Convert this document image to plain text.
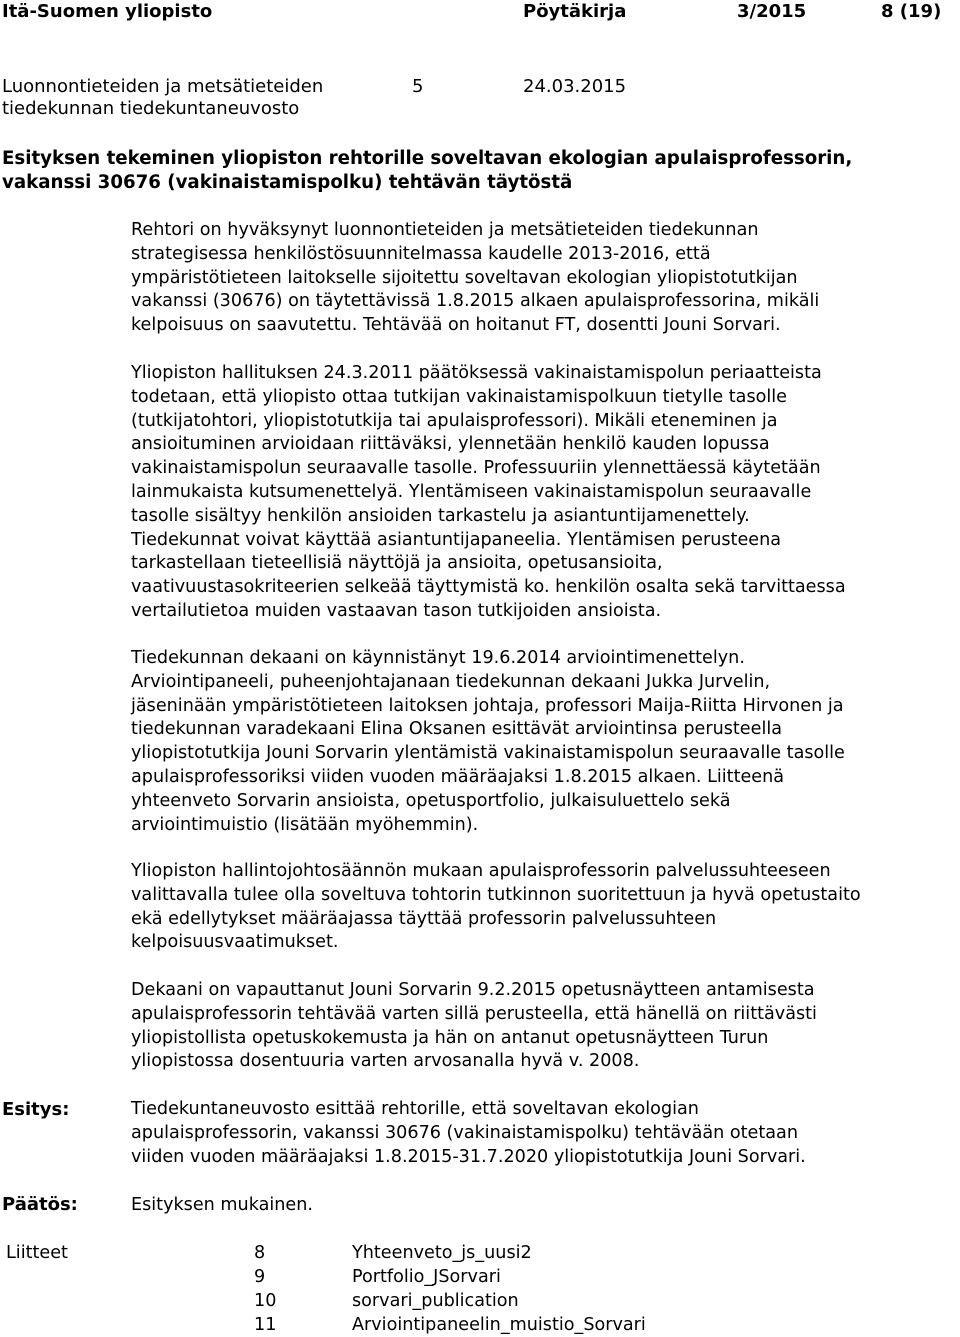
Itä-Suomen yliopisto	Pöytäkirja	3/2015	8 (19)
Luonnontieteiden ja metsätieteiden
tiedekunnan tiedekuntaneuvosto
5	24.03.2015
Esityksen tekeminen yliopiston rehtorille soveltavan ekologian apulaisprofessorin,
vakanssi 30676 (vakinaistamispolku) tehtävän täytöstä
Rehtori on hyväksynyt luonnontieteiden ja metsätieteiden tiedekunnan
strategisessa henkilöstösuunnitelmassa kaudelle 2013-2016, että
ympäristötieteen laitokselle sijoitettu soveltavan ekologian yliopistotutkijan
vakanssi (30676) on täytettävissä 1.8.2015 alkaen apulaisprofessorina, mikäli
kelpoisuus on saavutettu. Tehtävää on hoitanut FT, dosentti Jouni Sorvari.
Yliopiston hallituksen 24.3.2011 päätöksessä vakinaistamispolun periaatteista
todetaan, että yliopisto ottaa tutkijan vakinaistamispolkuun tietylle tasolle
(tutkijatohtori, yliopistotutkija tai apulaisprofessori). Mikäli eteneminen ja
ansioituminen arvioidaan riittäväksi, ylennetään henkilö kauden lopussa
vakinaistamispolun seuraavalle tasolle. Professuuriin ylennettäessä käytetään
lainmukaista kutsumenettelyä. Ylentämiseen vakinaistamispolun seuraavalle
tasolle sisältyy henkilön ansioiden tarkastelu ja asiantuntijamenettely.
Tiedekunnat voivat käyttää asiantuntijapaneelia. Ylentämisen perusteena
tarkastellaan tieteellisiä näyttöjä ja ansioita, opetusansioita,
vaativuustasokriteerien selkeää täyttymistä ko. henkilön osalta sekä tarvittaessa
vertailutietoa muiden vastaavan tason tutkijoiden ansioista.
Tiedekunnan dekaani on käynnistänyt 19.6.2014 arviointimenettelyn.
Arviointipaneeli, puheenjohtajanaan tiedekunnan dekaani Jukka Jurvelin,
jäseninään ympäristötieteen laitoksen johtaja, professori Maija-Riitta Hirvonen ja
tiedekunnan varadekaani Elina Oksanen esittävät arviointinsa perusteella
yliopistotutkija Jouni Sorvarin ylentämistä vakinaistamispolun seuraavalle tasolle
apulaisprofessoriksi viiden vuoden määräajaksi 1.8.2015 alkaen. Liitteenä
yhteenveto Sorvarin ansioista, opetusportfolio, julkaisuluettelo sekä
arviointimuistio (lisätään myöhemmin).
Yliopiston hallintojohtosäännön mukaan apulaisprofessorin palvelussuhteeseen
valittavalla tulee olla soveltuva tohtorin tutkinnon suoritettuun ja hyvä opetustaito
ekä edellytykset määräajassa täyttää professorin palvelussuhteen
kelpoisuusvaatimukset.
Dekaani on vapauttanut Jouni Sorvarin 9.2.2015 opetusnäytteen antamisesta
apulaisprofessorin tehtävää varten sillä perusteella, että hänellä on riittävästi
yliopistollista opetuskokemusta ja hän on antanut opetusnäytteen Turun
yliopistossa dosentuuria varten arvosanalla hyvä v. 2008.
Esitys:	Tiedekuntaneuvosto esittää rehtorille, että soveltavan ekologian
apulaisprofessorin, vakanssi 30676 (vakinaistamispolku) tehtävään otetaan
viiden vuoden määräajaksi 1.8.2015-31.7.2020 yliopistotutkija Jouni Sorvari.
Päätös:	Esityksen mukainen.
Liitteet	8	Yhteenveto_js_uusi2
9	Portfolio_JSorvari
10	sorvari_publication
11	Arviointipaneelin_muistio_Sorvari
